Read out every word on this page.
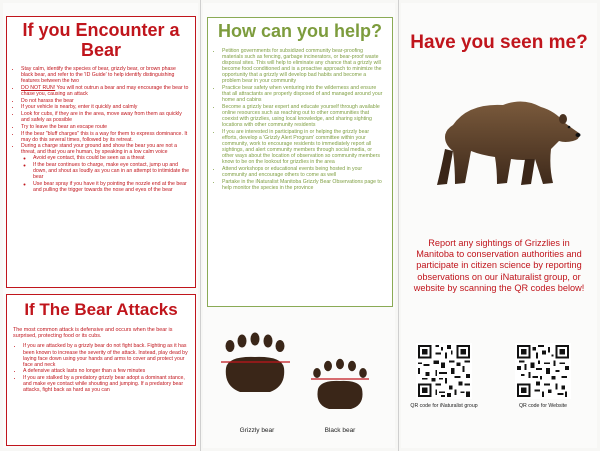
If you Encounter a Bear
• Stay calm, identify the species of bear, grizzly bear, or brown phase black bear, and refer to the 'ID Guide' to help identify distinguishing features between the two
• DO NOT RUN! You will not outrun a bear and may encourage the bear to chase you, causing an attack
• Do not harass the bear
• If your vehicle is nearby, enter it quickly and calmly
• Look for cubs, if they are in the area, move away from them as quickly and safely as possible
• Try to leave the bear an escape route
• If the bear "bluff charges" this is a way for them to express dominance. It may do this several times, followed by its retreat.
• During a charge stand your ground and show the bear you are not a threat, and that you are human, by speaking in a low calm voice
◦ Avoid eye contact, this could be seen as a threat
◦ If the bear continues to charge, make eye contact, jump up and down, and shout as loudly as you can in an attempt to intimidate the bear
◦ Use bear spray if you have it by pointing the nozzle end at the bear and pulling the trigger towards the nose and eyes of the bear
If The Bear Attacks

The most common attack is defensive and occurs when the bear is surprised, protecting food or its cubs.

• If you are attacked by a grizzly bear do not fight back. Fighting as it has been known to increase the severity of the attack. Instead, play dead by laying face down using your hands and arms to cover and protect your face and neck
• A defensive attack lasts no longer than a few minutes
• If you are stalked by a predatory grizzly bear adopt a dominant stance, and make eye contact while shouting and jumping. If a predatory bear attacks, fight back as hard as you can
How can you help?
• Petition governments for subsidized community bear-proofing materials such as fencing, garbage incinerators, or bear-proof waste disposal sites. This will help to eliminate any chance that a grizzly will become food conditioned and is a proactive approach to minimize the opportunity that a grizzly will develop bad habits and become a problem bear in your community
• Practice bear safety when venturing into the wilderness and ensure that all attractants are properly disposed of and managed around your home and cabins
• Become a grizzly bear expert and educate yourself through available online resources such as reaching out to other communities that coexist with grizzlies, using local knowledge, and sharing sighting locations with other community residents
• If you are interested in participating in or helping the grizzly bear efforts, develop a 'Grizzly Alert Program' committee within your community, work to encourage residents to immediately report all sightings, and alert community members through social media, or other ways about the location of observation so community members know to be on the lookout for grizzlies in the area
• Attend workshops or educational events being hosted in your community and encourage others to come as well
• Partake in the iNaturalist Manitoba Grizzly Bear Observations page to help monitor the species in the province
Grizzly bear	Black bear
Have you seen me?

Report any sightings of Grizzlies in Manitoba to conservation authorities and participate in citizen science by reporting observations on our iNaturalist group, or website by scanning the QR codes below!

QR code for iNaturalist group	QR code for Website
